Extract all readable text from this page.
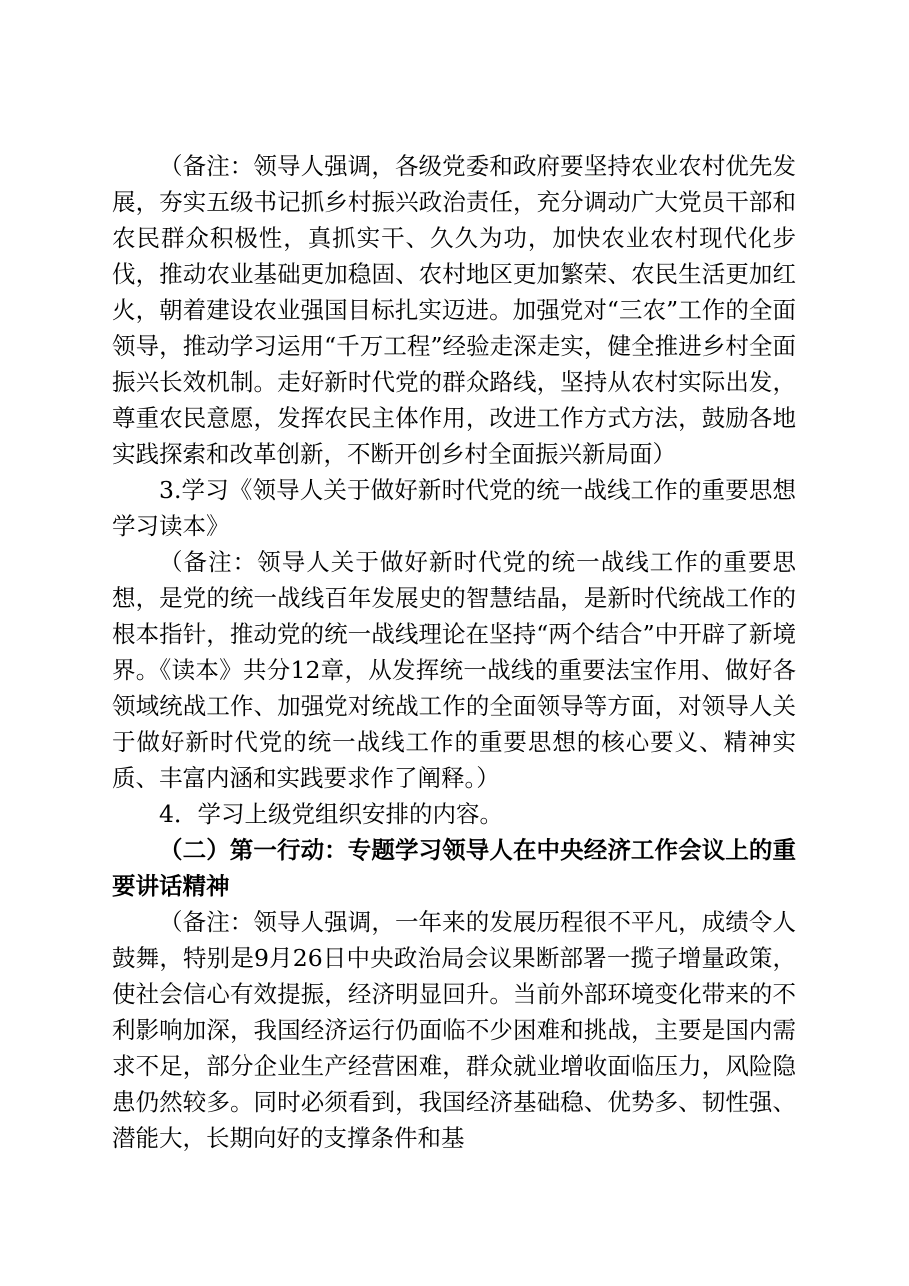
（备注：领导人强调，各级党委和政府要坚持农业农村优先发展，夯实五级书记抓乡村振兴政治责任，充分调动广大党员干部和农民群众积极性，真抓实干、久久为功，加快农业农村现代化步伐，推动农业基础更加稳固、农村地区更加繁荣、农民生活更加红火，朝着建设农业强国目标扎实迈进。加强党对“三农”工作的全面领导，推动学习运用“千万工程”经验走深走实，健全推进乡村全面振兴长效机制。走好新时代党的群众路线，坚持从农村实际出发，尊重农民意愿，发挥农民主体作用，改进工作方式方法，鼓励各地实践探索和改革创新，不断开创乡村全面振兴新局面）

3.学习《领导人关于做好新时代党的统一战线工作的重要思想学习读本》

（备注：领导人关于做好新时代党的统一战线工作的重要思想，是党的统一战线百年发展史的智慧结晶，是新时代统战工作的根本指针，推动党的统一战线理论在坚持“两个结合”中开辟了新境界。《读本》共分12章，从发挥统一战线的重要法宝作用、做好各领域统战工作、加强党对统战工作的全面领导等方面，对领导人关于做好新时代党的统一战线工作的重要思想的核心要义、精神实质、丰富内涵和实践要求作了阐释。）

4．学习上级党组织安排的内容。

（二）第一行动：专题学习领导人在中央经济工作会议上的重要讲话精神

（备注：领导人强调，一年来的发展历程很不平凡，成绩令人鼓舞，特别是9月26日中央政治局会议果断部署一揽子增量政策，使社会信心有效提振，经济明显回升。当前外部环境变化带来的不利影响加深，我国经济运行仍面临不少困难和挑战，主要是国内需求不足，部分企业生产经营困难，群众就业增收面临压力，风险隐患仍然较多。同时必须看到，我国经济基础稳、优势多、韧性强、潜能大，长期向好的支撑条件和基
